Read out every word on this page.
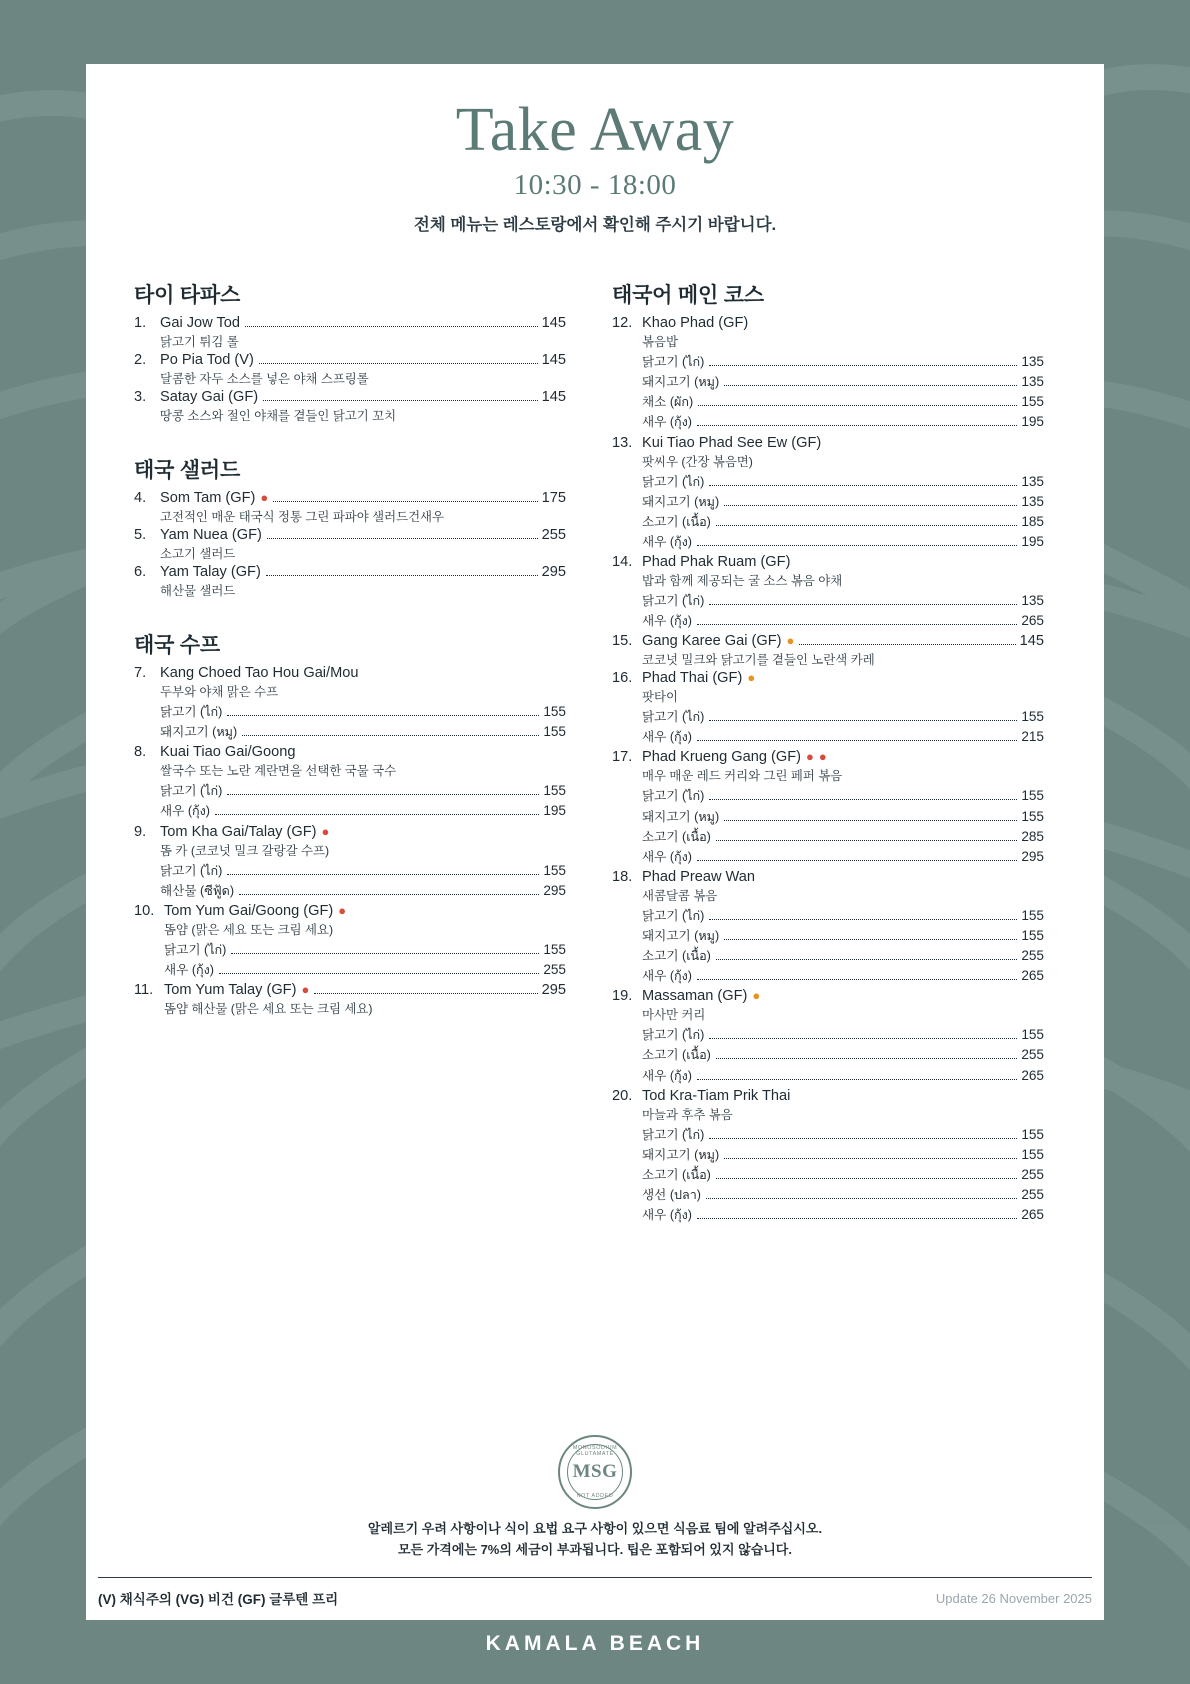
Take Away
10:30 - 18:00
전체 메뉴는 레스토랑에서 확인해 주시기 바랍니다.
타이 타파스
1. Gai Jow Tod	145
닭고기 튀김 롤
2. Po Pia Tod (V)	145
달콤한 자두 소스를 넣은 야채 스프링롤
3. Satay Gai (GF)	145
땅콩 소스와 절인 야채를 곁들인 닭고기 꼬치
태국 샐러드
4. Som Tam (GF) ●	175
고전적인 매운 태국식 정통 그린 파파야 샐러드건새우
5. Yam Nuea (GF)	255
소고기 샐러드
6. Yam Talay (GF)	295
해산물 샐러드
태국 수프
7. Kang Choed Tao Hou Gai/Mou
두부와 야채 맑은 수프
닭고기 (ไก่)	155
돼지고기 (หมู)	155
8. Kuai Tiao Gai/Goong
쌀국수 또는 노란 계란면을 선택한 국물 국수
닭고기 (ไก่)	155
새우 (กุ้ง)	195
9. Tom Kha Gai/Talay (GF) ●
똠 카 (코코넛 밀크 갈랑갈 수프)
닭고기 (ไก่)	155
해산물 (ซีฟู้ด)	295
10. Tom Yum Gai/Goong (GF) ●
똠얌 (맑은 세요 또는 크림 세요)
닭고기 (ไก่)	155
새우 (กุ้ง)	255
11. Tom Yum Talay (GF) ●	295
똠얌 해산물 (맑은 세요 또는 크림 세요)
태국어 메인 코스
12. Khao Phad (GF)
볶음밥
닭고기 (ไก่)	135
돼지고기 (หมู)	135
채소 (ผัก)	155
새우 (กุ้ง)	195
13. Kui Tiao Phad See Ew (GF)
팟씨우 (간장 볶음면)
닭고기 (ไก่)	135
돼지고기 (หมู)	135
소고기 (เนื้อ)	185
새우 (กุ้ง)	195
14. Phad Phak Ruam (GF)
밥과 함께 제공되는 굴 소스 볶음 야채
닭고기 (ไก่)	135
새우 (กุ้ง)	265
15. Gang Karee Gai (GF) ●	145
코코넛 밀크와 닭고기를 곁들인 노란색 카레
16. Phad Thai (GF) ●
팟타이
닭고기 (ไก่)	155
새우 (กุ้ง)	215
17. Phad Krueng Gang (GF) ● ●
매우 매운 레드 커리와 그린 페퍼 볶음
닭고기 (ไก่)	155
돼지고기 (หมู)	155
소고기 (เนื้อ)	285
새우 (กุ้ง)	295
18. Phad Preaw Wan
새콤달콤 볶음
닭고기 (ไก่)	155
돼지고기 (หมู)	155
소고기 (เนื้อ)	255
새우 (กุ้ง)	265
19. Massaman (GF) ●
마사만 커리
닭고기 (ไก่)	155
소고기 (เนื้อ)	255
새우 (กุ้ง)	265
20. Tod Kra-Tiam Prik Thai
마늘과 후추 볶음
닭고기 (ไก่)	155
돼지고기 (หมู)	155
소고기 (เนื้อ)	255
생선 (ปลา)	255
새우 (กุ้ง)	265
MONOSODIUM GLUTAMATE
MSG
NOT ADDED
알레르기 우려 사항이나 식이 요법 요구 사항이 있으면 식음료 팀에 알려주십시오.
모든 가격에는 7%의 세금이 부과됩니다. 팁은 포함되어 있지 않습니다.
(V) 채식주의 (VG) 비건 (GF) 글루텐 프리	Update 26 November 2025
SUNPRIME ≈
KAMALA BEACH
